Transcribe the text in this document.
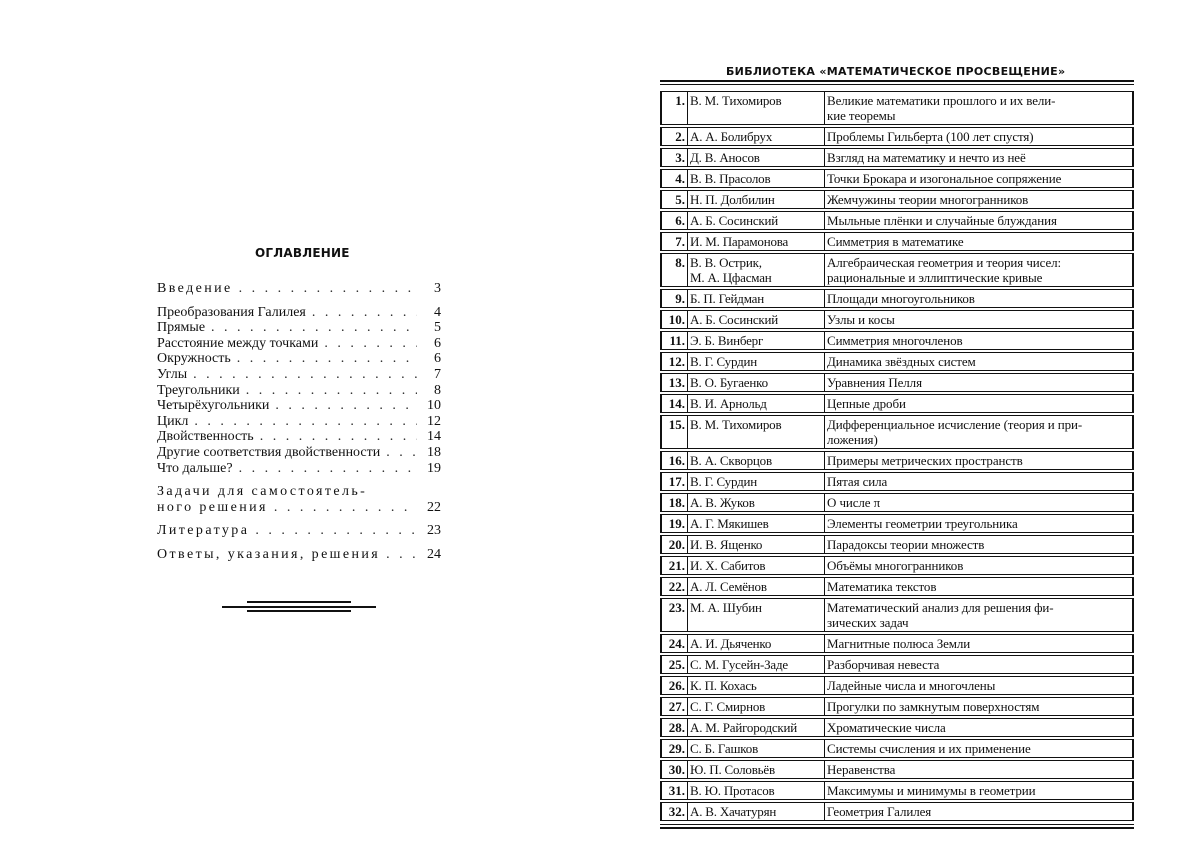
ОГЛАВЛЕНИЕ
Введение . . .	3
Преобразования Галилея . . .	4
Прямые . . .	5
Расстояние между точками . . .	6
Окружность . . .	6
Углы . . .	7
Треугольники . . .	8
Четырёхугольники . . .	10
Цикл . . .	12
Двойственность . . .	14
Другие соответствия двойственности . . .	18
Что дальше? . . .	19
Задачи для самостоятель-
ного решения . . .	22
Литература . . .	23
Ответы, указания, решения . . .	24
БИБЛИОТЕКА «МАТЕМАТИЧЕСКОЕ ПРОСВЕЩЕНИЕ»
1.	В. М. Тихомиров	Великие математики прошлого и их вели-
кие теоремы

2.	А. А. Болибрух	Проблемы Гильберта (100 лет спустя)

3.	Д. В. Аносов	Взгляд на математику и нечто из неё

4.	В. В. Прасолов	Точки Брокара и изогональное сопряжение

5.	Н. П. Долбилин	Жемчужины теории многогранников

6.	А. Б. Сосинский	Мыльные плёнки и случайные блуждания

7.	И. М. Парамонова	Симметрия в математике

8.	В. В. Острик,
М. А. Цфасман	Алгебраическая геометрия и теория чисел:
рациональные и эллиптические кривые

9.	Б. П. Гейдман	Площади многоугольников

10.	А. Б. Сосинский	Узлы и косы

11.	Э. Б. Винберг	Симметрия многочленов

12.	В. Г. Сурдин	Динамика звёздных систем

13.	В. О. Бугаенко	Уравнения Пелля

14.	В. И. Арнольд	Цепные дроби

15.	В. М. Тихомиров	Дифференциальное исчисление (теория и при-
ложения)

16.	В. А. Скворцов	Примеры метрических пространств

17.	В. Г. Сурдин	Пятая сила

18.	А. В. Жуков	О числе π

19.	А. Г. Мякишев	Элементы геометрии треугольника

20.	И. В. Ященко	Парадоксы теории множеств

21.	И. Х. Сабитов	Объёмы многогранников

22.	А. Л. Семёнов	Математика текстов

23.	М. А. Шубин	Математический анализ для решения фи-
зических задач

24.	А. И. Дьяченко	Магнитные полюса Земли

25.	С. М. Гусейн-Заде	Разборчивая невеста

26.	К. П. Кохась	Ладейные числа и многочлены

27.	С. Г. Смирнов	Прогулки по замкнутым поверхностям

28.	А. М. Райгородский	Хроматические числа

29.	С. Б. Гашков	Системы счисления и их применение

30.	Ю. П. Соловьёв	Неравенства

31.	В. Ю. Протасов	Максимумы и минимумы в геометрии

32.	А. В. Хачатурян	Геометрия Галилея
